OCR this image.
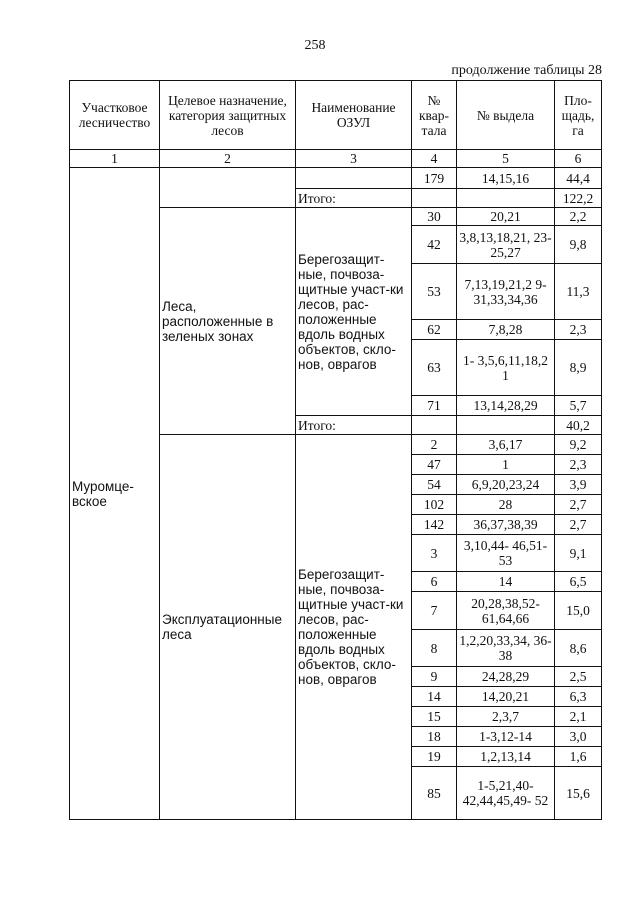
258
продолжение таблицы 28
Участковое лесничество	Целевое назначение, категория защитных лесов	Наименование ОЗУЛ	№ квар-тала	№ выдела	Пло-щадь, га
1	2	3	4	5	6
Муромце-вское			179	14,15,16	44,4
		Итого:			122,2
	Леса, расположенные в зеленых зонах	Берегозащит-ные, почвоза-щитные участ-ки лесов, рас-положенные вдоль водных объектов, скло-нов, оврагов	30	20,21	2,2
			42	3,8,13,18,21, 23-25,27	9,8
			53	7,13,19,21,2 9- 31,33,34,36	11,3
			62	7,8,28	2,3
			63	1- 3,5,6,11,18,2 1	8,9
			71	13,14,28,29	5,7
		Итого:			40,2
	Эксплуатационные леса	Берегозащит-ные, почвоза-щитные участ-ки лесов, рас-положенные вдоль водных объектов, скло-нов, оврагов	2	3,6,17	9,2
			47	1	2,3
			54	6,9,20,23,24	3,9
			102	28	2,7
			142	36,37,38,39	2,7
			3	3,10,44- 46,51-53	9,1
			6	14	6,5
			7	20,28,38,52- 61,64,66	15,0
			8	1,2,20,33,34, 36-38	8,6
			9	24,28,29	2,5
			14	14,20,21	6,3
			15	2,3,7	2,1
			18	1-3,12-14	3,0
			19	1,2,13,14	1,6
			85	1-5,21,40- 42,44,45,49- 52	15,6
